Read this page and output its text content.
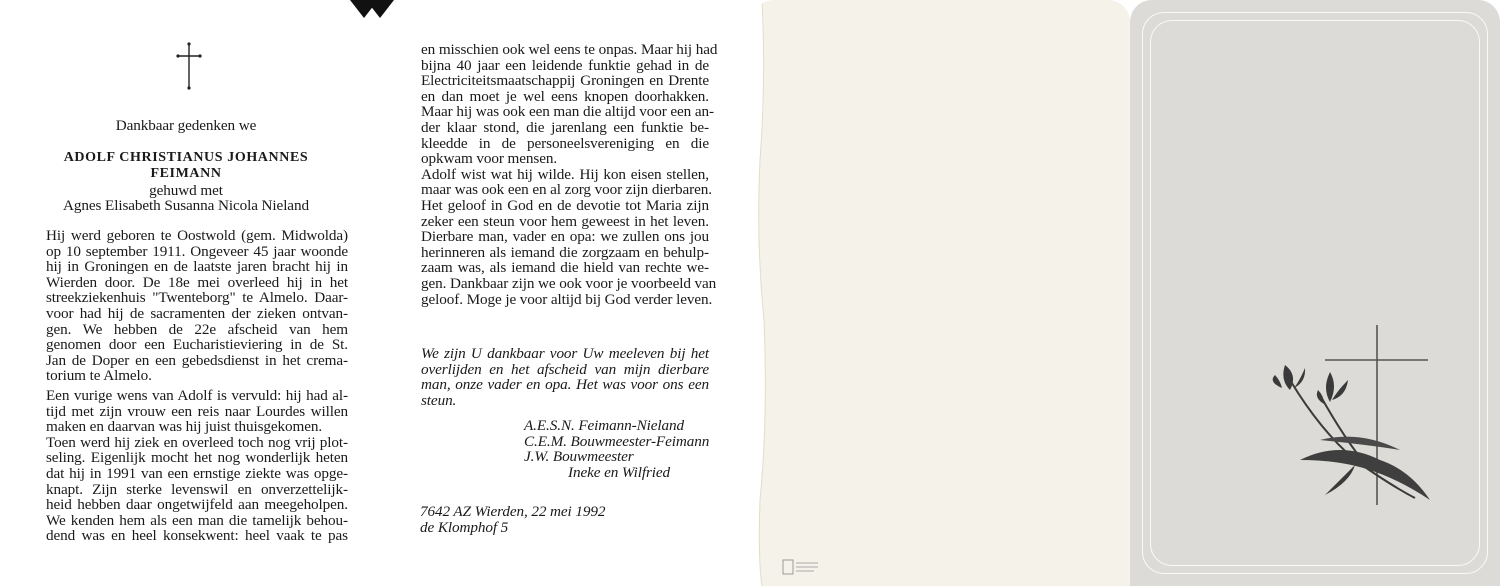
Dankbaar gedenken we
ADOLF CHRISTIANUS JOHANNES
FEIMANN
gehuwd met
Agnes Elisabeth Susanna Nicola Nieland
Hij werd geboren te Oostwold (gem. Midwolda)
op 10 september 1911. Ongeveer 45 jaar woonde
hij in Groningen en de laatste jaren bracht hij in
Wierden door. De 18e mei overleed hij in het
streekziekenhuis "Twenteborg" te Almelo. Daar-
voor had hij de sacramenten der zieken ontvan-
gen. We hebben de 22e afscheid van hem
genomen door een Eucharistieviering in de St.
Jan de Doper en een gebedsdienst in het crema-
torium te Almelo.
Een vurige wens van Adolf is vervuld: hij had al-
tijd met zijn vrouw een reis naar Lourdes willen
maken en daarvan was hij juist thuisgekomen.
Toen werd hij ziek en overleed toch nog vrij plot-
seling. Eigenlijk mocht het nog wonderlijk heten
dat hij in 1991 van een ernstige ziekte was opge-
knapt. Zijn sterke levenswil en onverzettelijk-
heid hebben daar ongetwijfeld aan meegeholpen.
We kenden hem als een man die tamelijk behou-
dend was en heel konsekwent: heel vaak te pas
en misschien ook wel eens te onpas. Maar hij had
bijna 40 jaar een leidende funktie gehad in de
Electriciteitsmaatschappij Groningen en Drente
en dan moet je wel eens knopen doorhakken.
Maar hij was ook een man die altijd voor een an-
der klaar stond, die jarenlang een funktie be-
kleedde in de personeelsvereniging en die
opkwam voor mensen.
Adolf wist wat hij wilde. Hij kon eisen stellen,
maar was ook een en al zorg voor zijn dierbaren.
Het geloof in God en de devotie tot Maria zijn
zeker een steun voor hem geweest in het leven.
Dierbare man, vader en opa: we zullen ons jou
herinneren als iemand die zorgzaam en behulp-
zaam was, als iemand die hield van rechte we-
gen. Dankbaar zijn we ook voor je voorbeeld van
geloof. Moge je voor altijd bij God verder leven.
We zijn U dankbaar voor Uw meeleven bij het
overlijden en het afscheid van mijn dierbare
man, onze vader en opa. Het was voor ons een
steun.
A.E.S.N. Feimann-Nieland
C.E.M. Bouwmeester-Feimann
J.W. Bouwmeester
Ineke en Wilfried
7642 AZ Wierden, 22 mei 1992
de Klomphof 5
